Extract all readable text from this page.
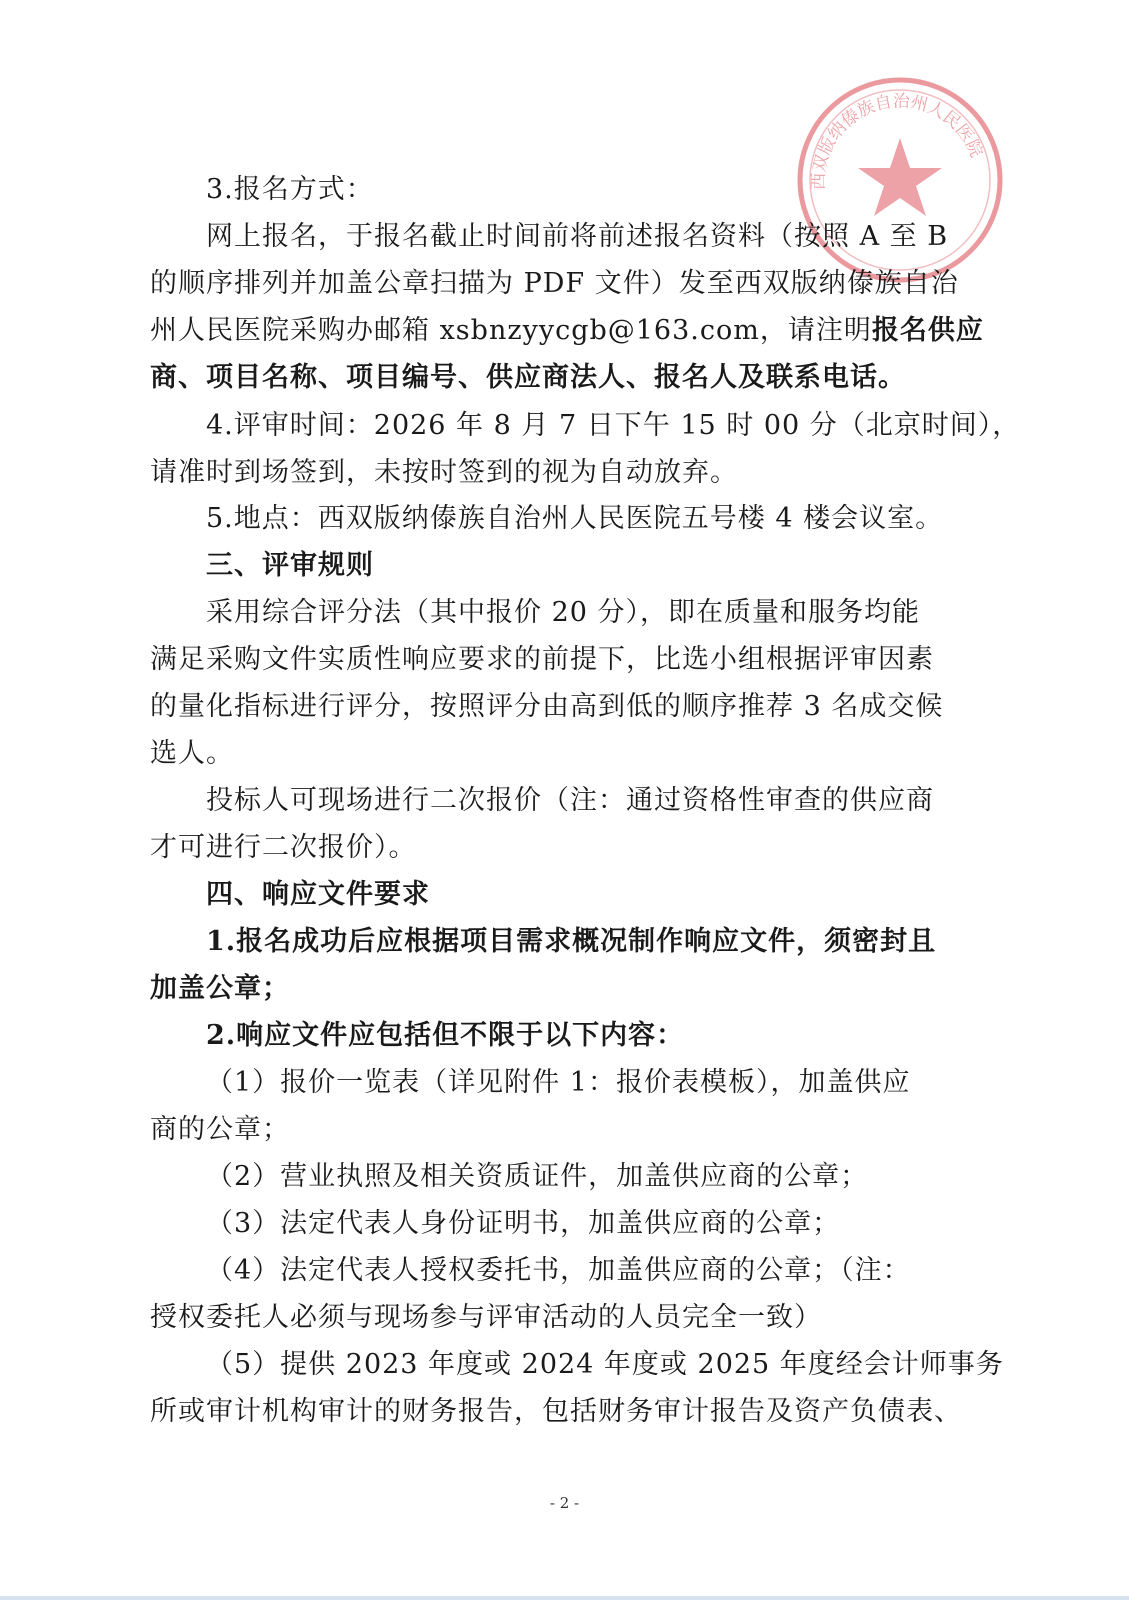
西双版纳傣族自治州人民医院
3.报名方式：
网上报名，于报名截止时间前将前述报名资料（按照 A 至 B
的顺序排列并加盖公章扫描为 PDF 文件）发至西双版纳傣族自治
州人民医院采购办邮箱 xsbnzyycgb@163.com，请注明报名供应
商、项目名称、项目编号、供应商法人、报名人及联系电话。
4.评审时间：2026 年 8 月 7 日下午 15 时 00 分（北京时间），
请准时到场签到，未按时签到的视为自动放弃。
5.地点：西双版纳傣族自治州人民医院五号楼 4 楼会议室。
三、评审规则
采用综合评分法（其中报价 20 分），即在质量和服务均能
满足采购文件实质性响应要求的前提下，比选小组根据评审因素
的量化指标进行评分，按照评分由高到低的顺序推荐 3 名成交候
选人。
投标人可现场进行二次报价（注：通过资格性审查的供应商
才可进行二次报价）。
四、响应文件要求
1.报名成功后应根据项目需求概况制作响应文件，须密封且
加盖公章；
2.响应文件应包括但不限于以下内容：
（1）报价一览表（详见附件 1：报价表模板），加盖供应
商的公章；
（2）营业执照及相关资质证件，加盖供应商的公章；
（3）法定代表人身份证明书，加盖供应商的公章；
（4）法定代表人授权委托书，加盖供应商的公章；（注：
授权委托人必须与现场参与评审活动的人员完全一致）
（5）提供 2023 年度或 2024 年度或 2025 年度经会计师事务
所或审计机构审计的财务报告，包括财务审计报告及资产负债表、
- 2 -
